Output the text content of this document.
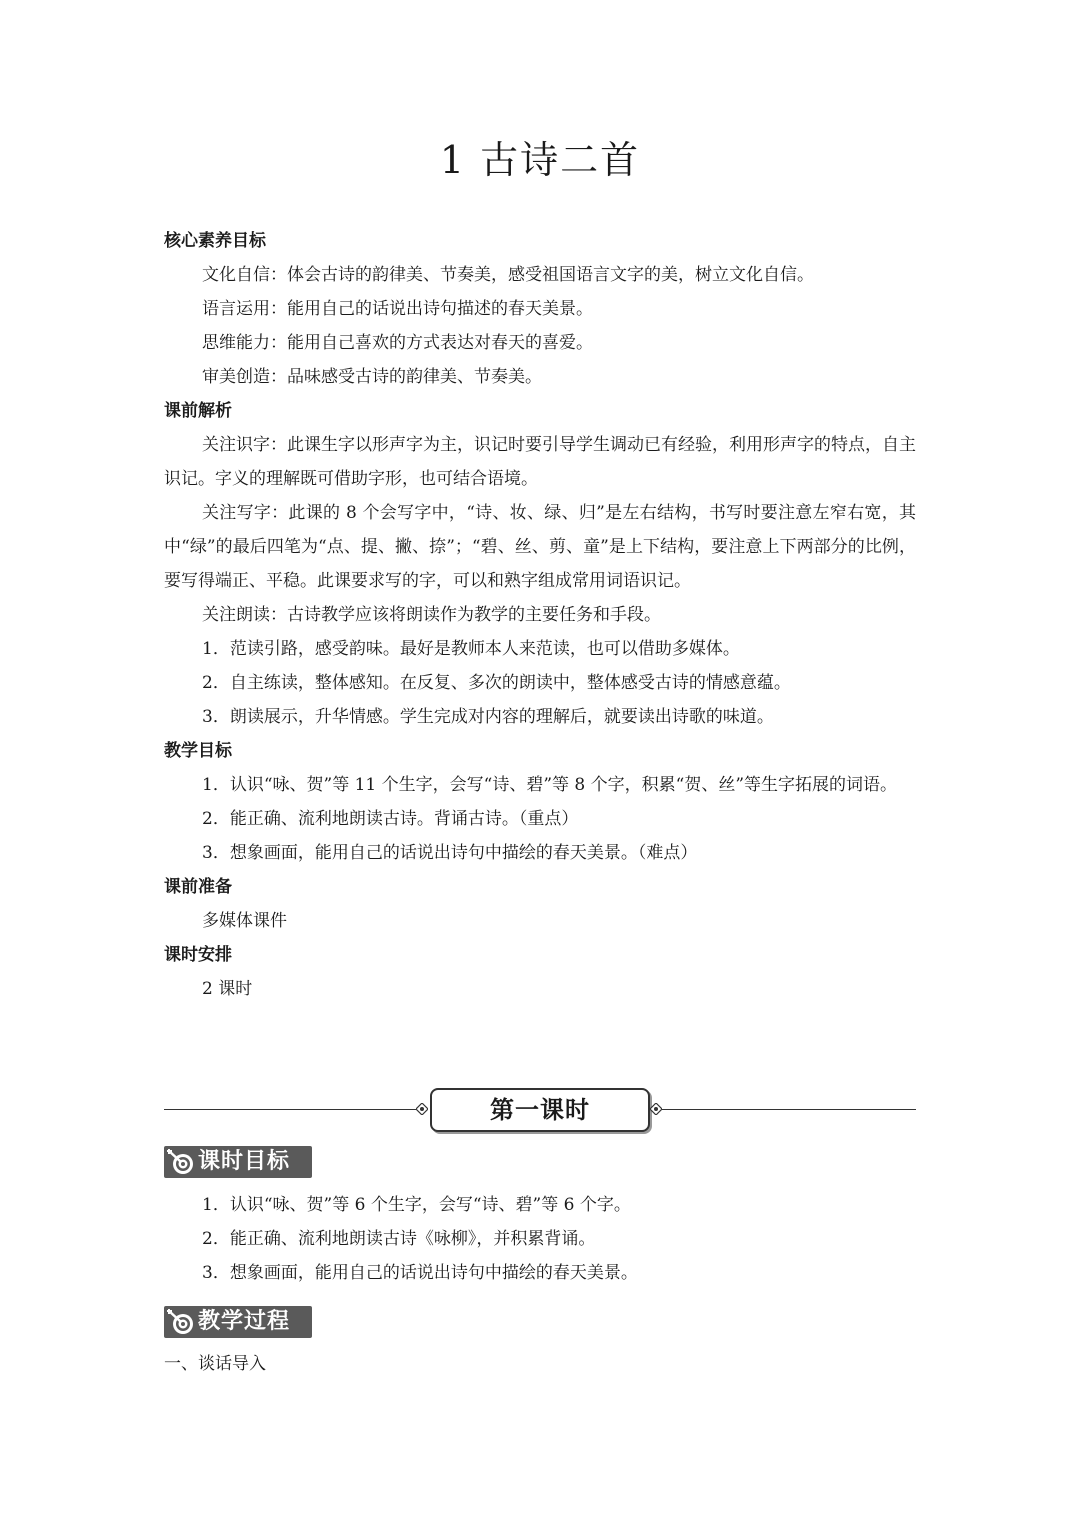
1 古诗二首
核心素养目标

文化自信：体会古诗的韵律美、节奏美，感受祖国语言文字的美，树立文化自信。

语言运用：能用自己的话说出诗句描述的春天美景。

思维能力：能用自己喜欢的方式表达对春天的喜爱。

审美创造：品味感受古诗的韵律美、节奏美。

课前解析

关注识字：此课生字以形声字为主，识记时要引导学生调动已有经验，利用形声字的特点，自主识记。字义的理解既可借助字形，也可结合语境。

关注写字：此课的 8 个会写字中，“诗、妆、绿、归”是左右结构，书写时要注意左窄右宽，其中“绿”的最后四笔为“点、提、撇、捺”；“碧、丝、剪、童”是上下结构，要注意上下两部分的比例，要写得端正、平稳。此课要求写的字，可以和熟字组成常用词语识记。

关注朗读：古诗教学应该将朗读作为教学的主要任务和手段。

1．范读引路，感受韵味。最好是教师本人来范读，也可以借助多媒体。

2．自主练读，整体感知。在反复、多次的朗读中，整体感受古诗的情感意蕴。

3．朗读展示，升华情感。学生完成对内容的理解后，就要读出诗歌的味道。

教学目标

1．认识“咏、贺”等 11 个生字，会写“诗、碧”等 8 个字，积累“贺、丝”等生字拓展的词语。

2．能正确、流利地朗读古诗。背诵古诗。（重点）

3．想象画面，能用自己的话说出诗句中描绘的春天美景。（难点）

课前准备

多媒体课件

课时安排

2 课时

第一课时
课时目标

1．认识“咏、贺”等 6 个生字，会写“诗、碧”等 6 个字。

2．能正确、流利地朗读古诗《咏柳》，并积累背诵。

3．想象画面，能用自己的话说出诗句中描绘的春天美景。

教学过程

一、谈话导入
